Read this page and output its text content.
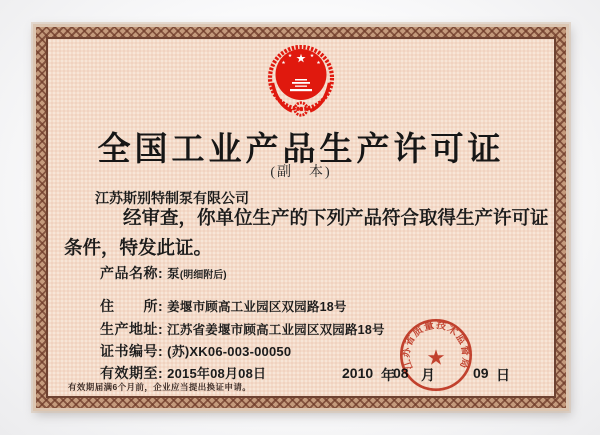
全国工业产品生产许可证
(副　本)
江苏斯别特制泵有限公司
经审查，你单位生产的下列产品符合取得生产许可证
条件，特发此证。
产品名称: 泵(明细附后)
住　　所: 姜堰市顾高工业园区双园路18号
生产地址: 江苏省姜堰市顾高工业园区双园路18号
证书编号: (苏)XK06-003-00050
有效期至: 2015年08月08日
有效期届满6个月前，企业应当提出换证申请。
2010 年
08 月	09 日
江苏省质量技术监督局
